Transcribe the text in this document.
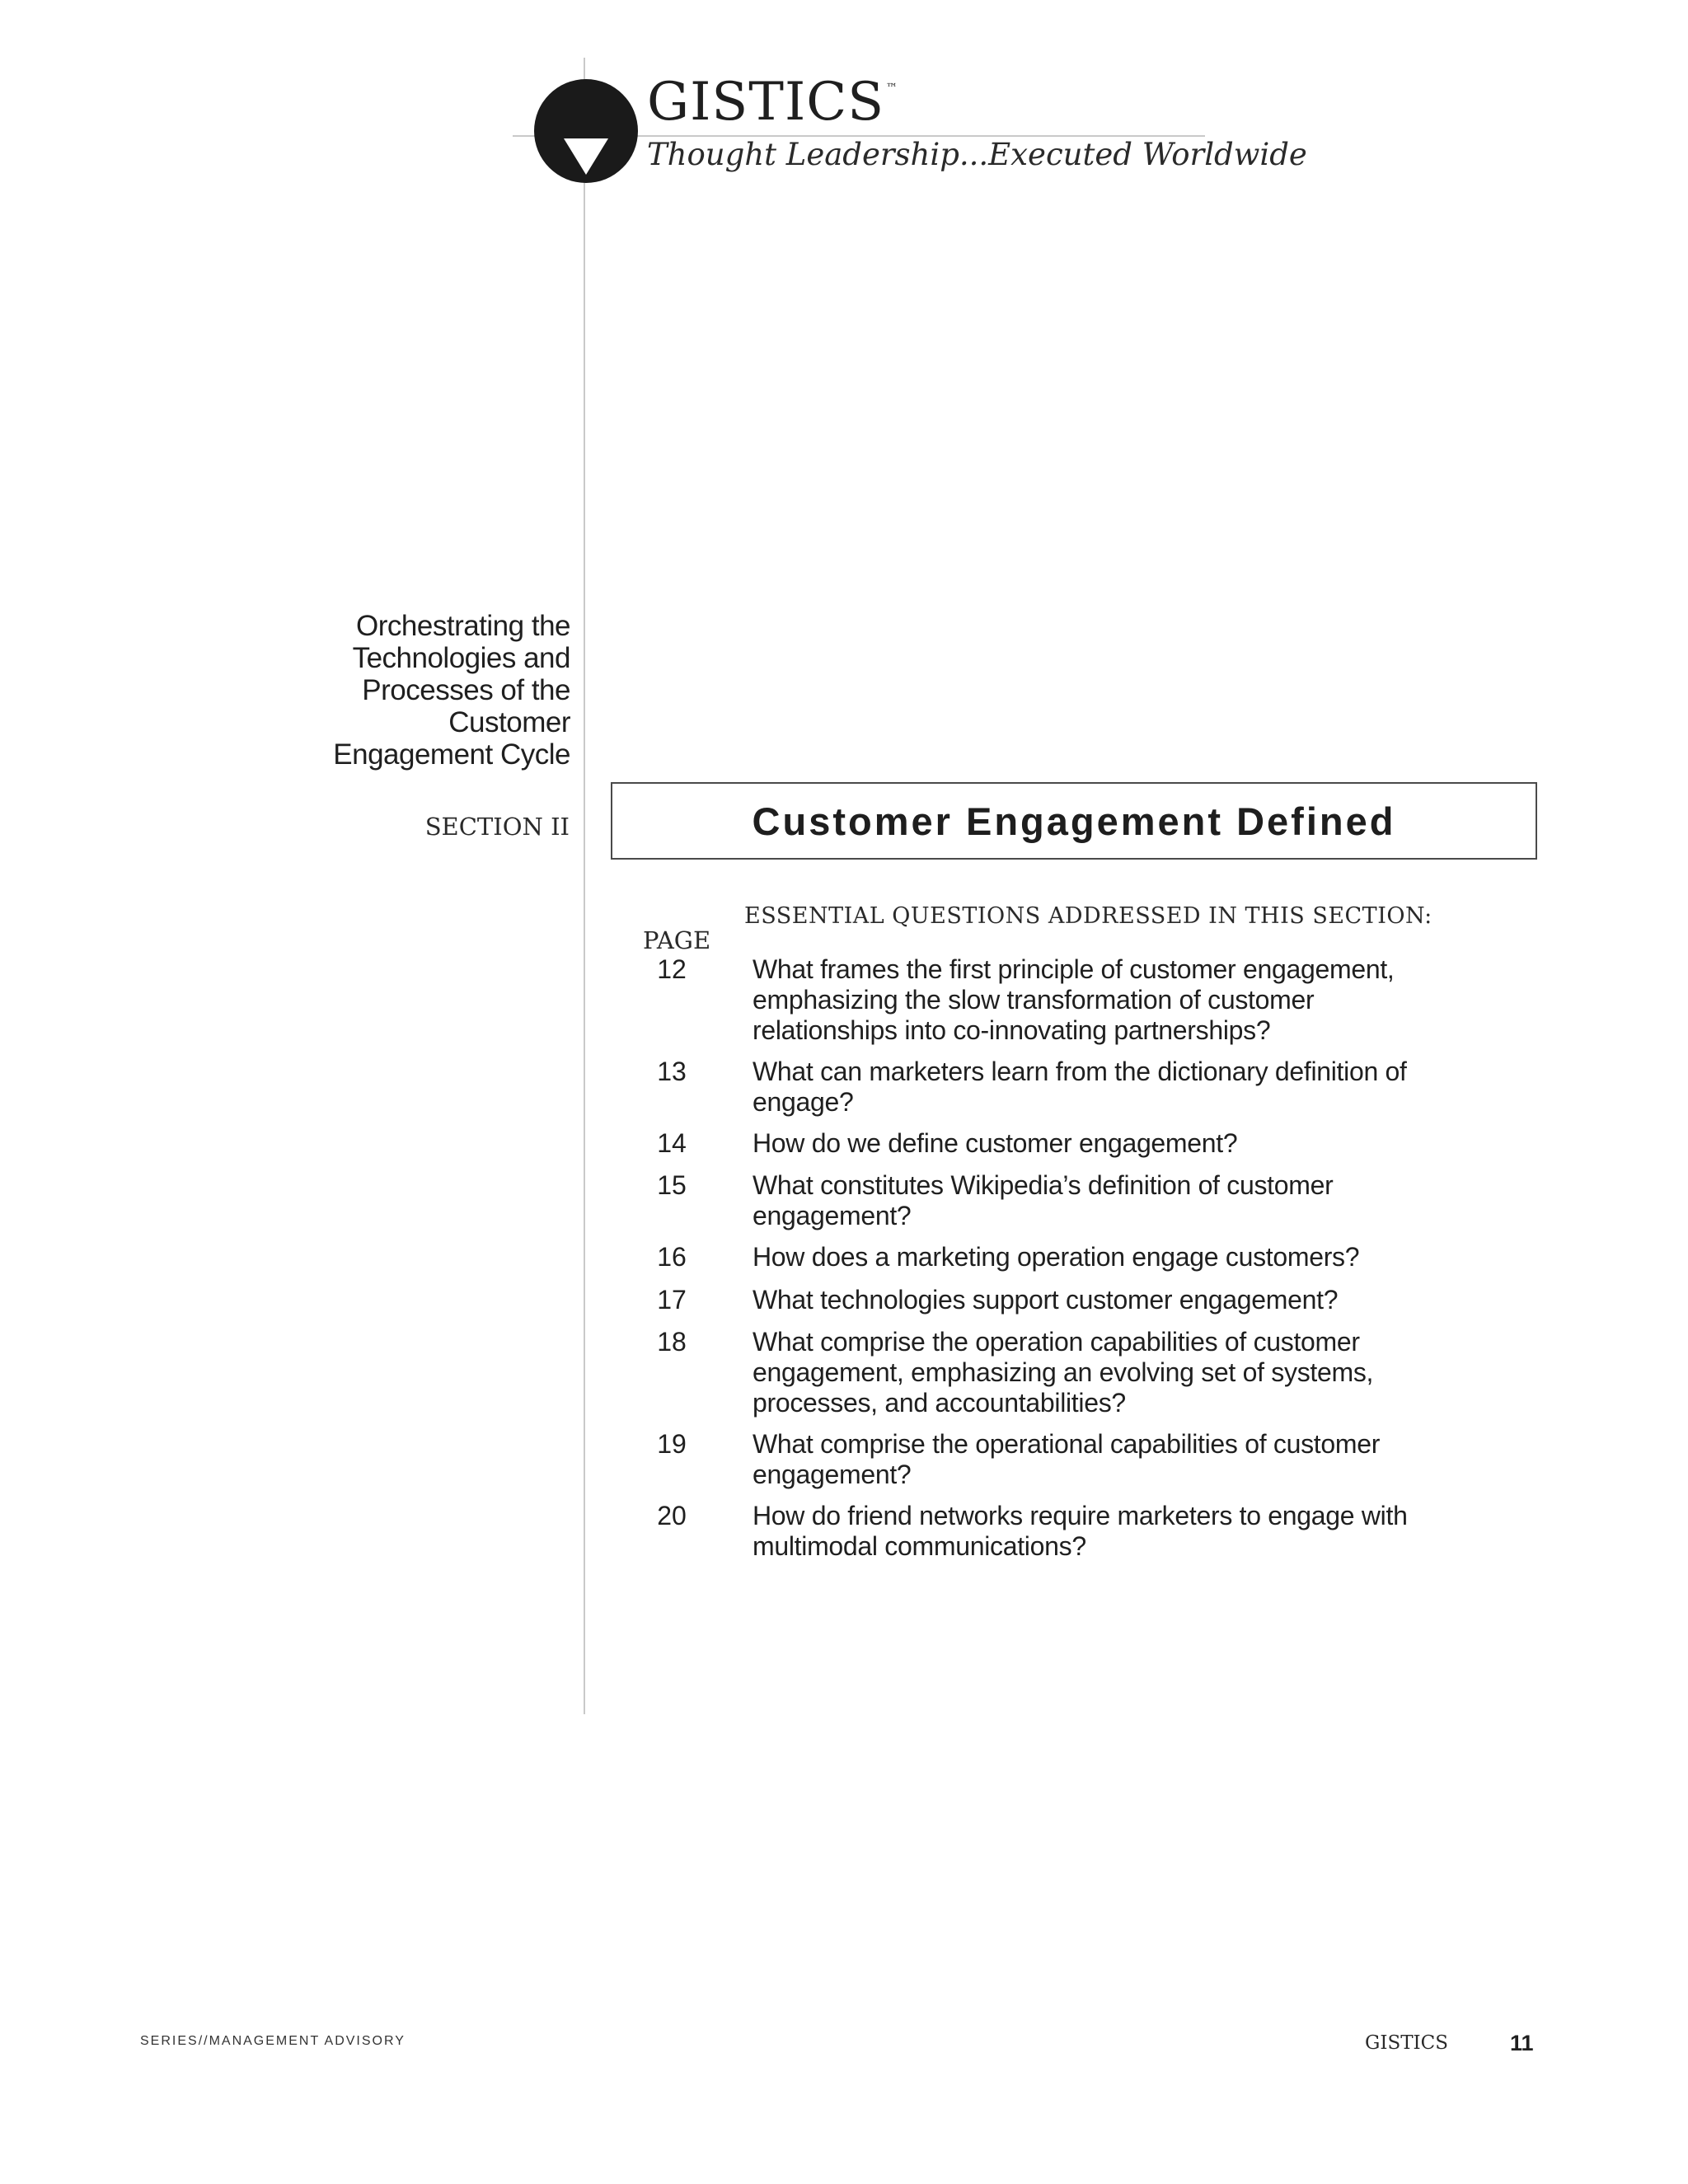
GISTICS ™
Thought Leadership...Executed Worldwide
Orchestrating the
Technologies and
Processes of the
Customer
Engagement Cycle
SECTION II	Customer Engagement Defined
ESSENTIAL QUESTIONS ADDRESSED IN THIS SECTION:
PAGE
12	What frames the first principle of customer engagement,
emphasizing the slow transformation of customer
relationships into co-innovating partnerships?
13	What can marketers learn from the dictionary definition of
engage?
14	How do we define customer engagement?
15	What constitutes Wikipedia’s definition of customer
engagement?
16	How does a marketing operation engage customers?
17	What technologies support customer engagement?
18	What comprise the operation capabilities of customer
engagement, emphasizing an evolving set of systems,
processes, and accountabilities?
19	What comprise the operational capabilities of customer
engagement?
20	How do friend networks require marketers to engage with
multimodal communications?
SERIES//MANAGEMENT ADVISORY	GISTICS	11
